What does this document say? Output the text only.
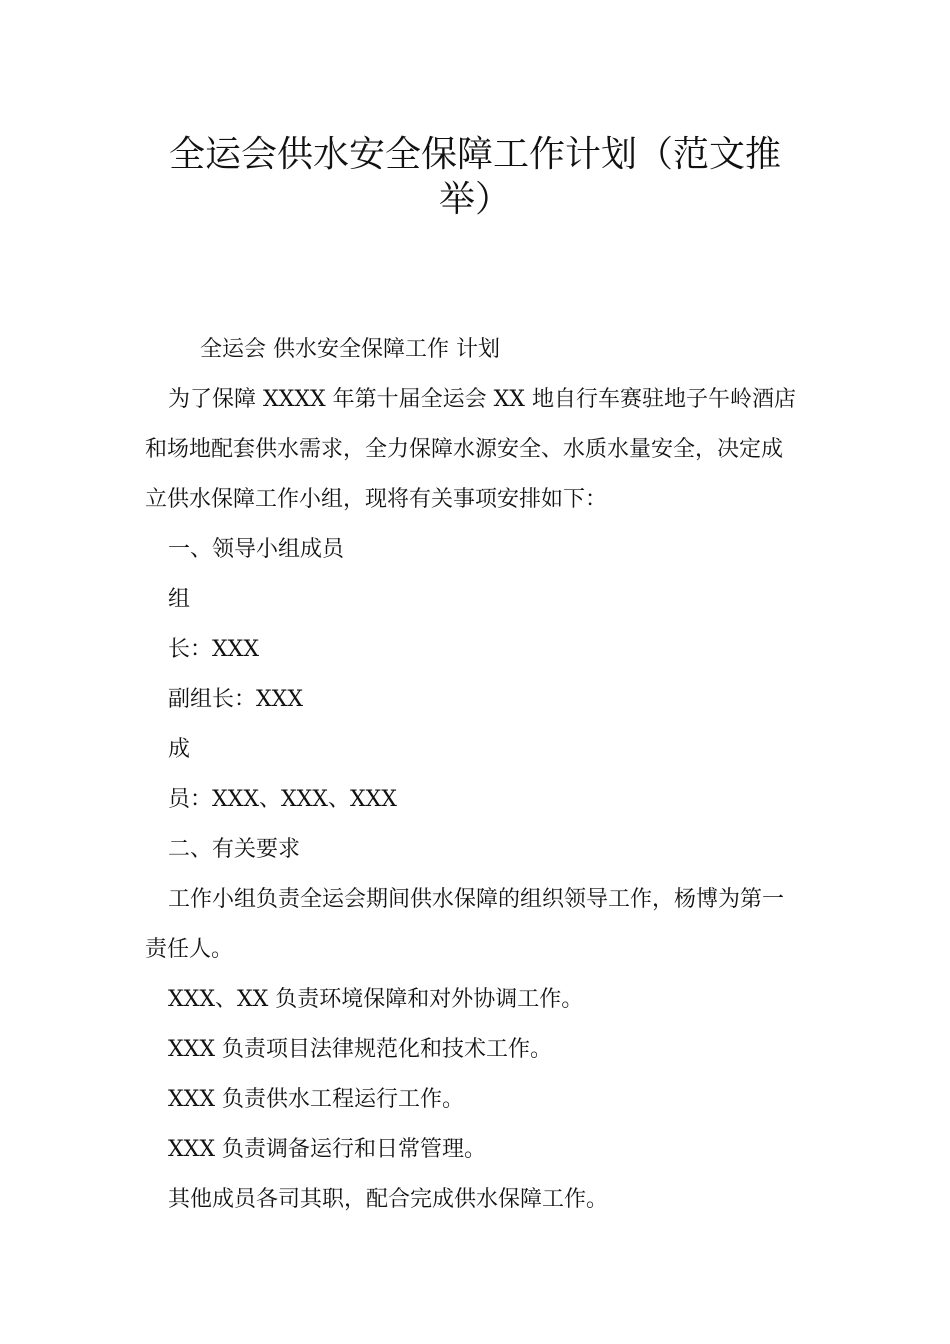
全运会供水安全保障工作计划（范文推
举）
全运会 供水安全保障工作 计划
为了保障 XXXX 年第十届全运会 XX 地自行车赛驻地子午岭酒店
和场地配套供水需求，全力保障水源安全、水质水量安全，决定成
立供水保障工作小组，现将有关事项安排如下：
一、领导小组成员
组
长：XXX
副组长：XXX
成
员：XXX、XXX、XXX
二、有关要求
工作小组负责全运会期间供水保障的组织领导工作，杨博为第一
责任人。
XXX、XX 负责环境保障和对外协调工作。
XXX 负责项目法律规范化和技术工作。
XXX 负责供水工程运行工作。
XXX 负责调备运行和日常管理。
其他成员各司其职，配合完成供水保障工作。
